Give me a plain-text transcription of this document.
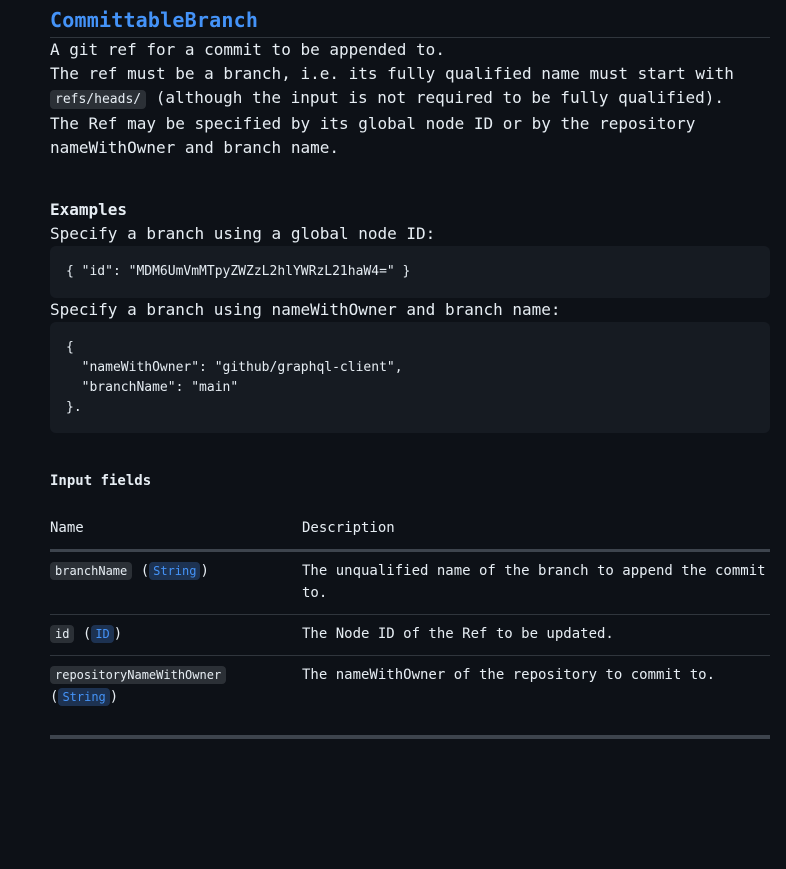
CommittableBranch

A git ref for a commit to be appended to.

The ref must be a branch, i.e. its fully qualified name must start with refs/heads/ (although the input is not required to be fully qualified).

The Ref may be specified by its global node ID or by the repository nameWithOwner and branch name.

Examples

Specify a branch using a global node ID:

{ "id": "MDM6UmVmMTpyZWZzL2hlYWRzL21haW4=" }

Specify a branch using nameWithOwner and branch name:

{
"nameWithOwner": "github/graphql-client",
"branchName": "main"
}.
Input fields
Name	Description
branchName ( String )	The unqualified name of the branch to append the commit to.
id ( ID )	The Node ID of the Ref to be updated.
repositoryNameWithOwner
( String )	The nameWithOwner of the repository to commit to.
